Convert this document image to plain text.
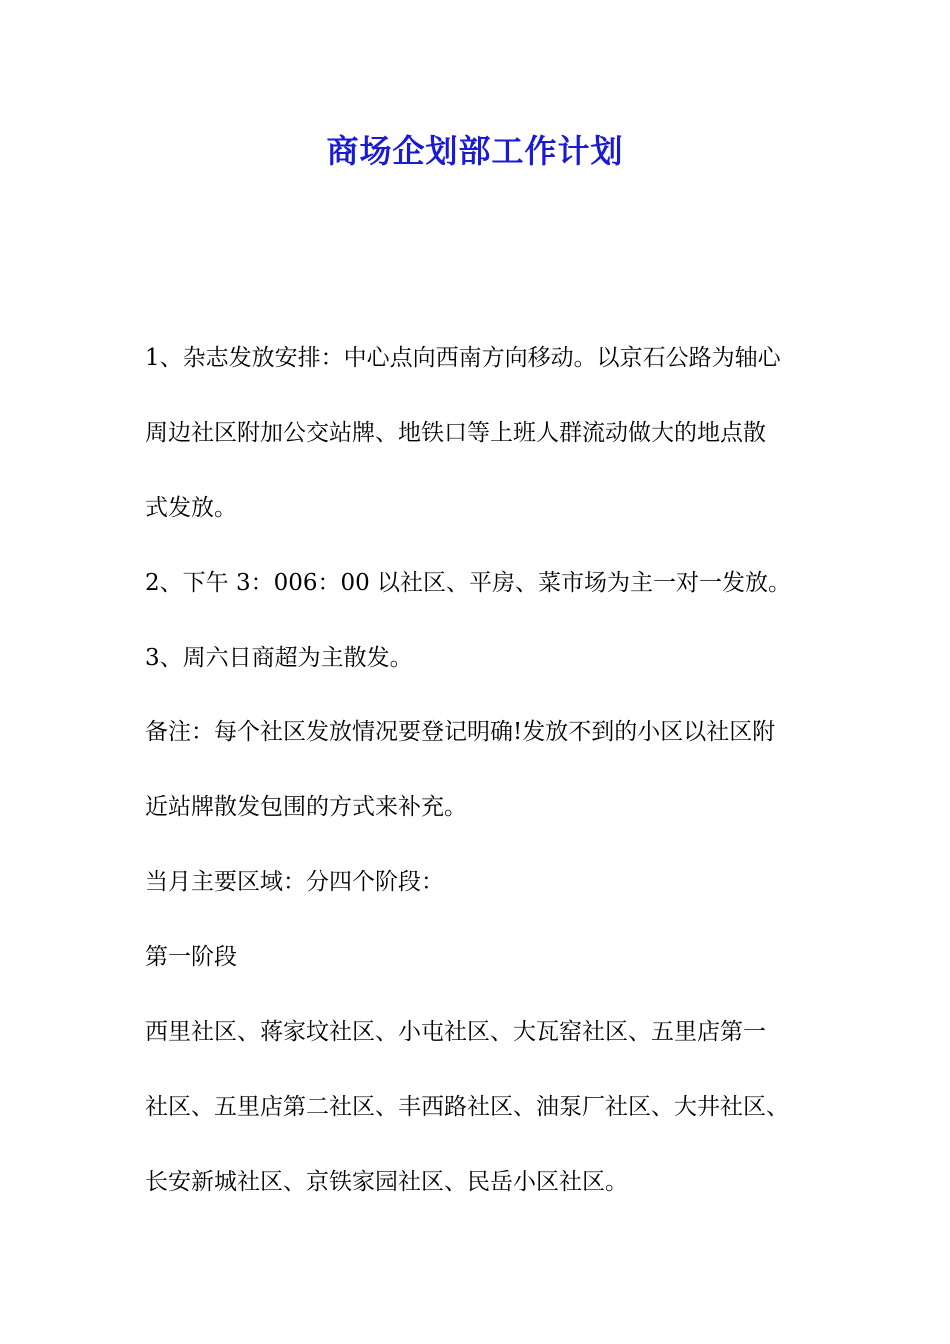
商场企划部工作计划

1、杂志发放安排：中心点向西南方向移动。以京石公路为轴心

周边社区附加公交站牌、地铁口等上班人群流动做大的地点散

式发放。

2、下午 3：006：00 以社区、平房、菜市场为主一对一发放。

3、周六日商超为主散发。

备注：每个社区发放情况要登记明确!发放不到的小区以社区附

近站牌散发包围的方式来补充。

当月主要区域：分四个阶段：

第一阶段

西里社区、蒋家坟社区、小屯社区、大瓦窑社区、五里店第一

社区、五里店第二社区、丰西路社区、油泵厂社区、大井社区、

长安新城社区、京铁家园社区、民岳小区社区。
